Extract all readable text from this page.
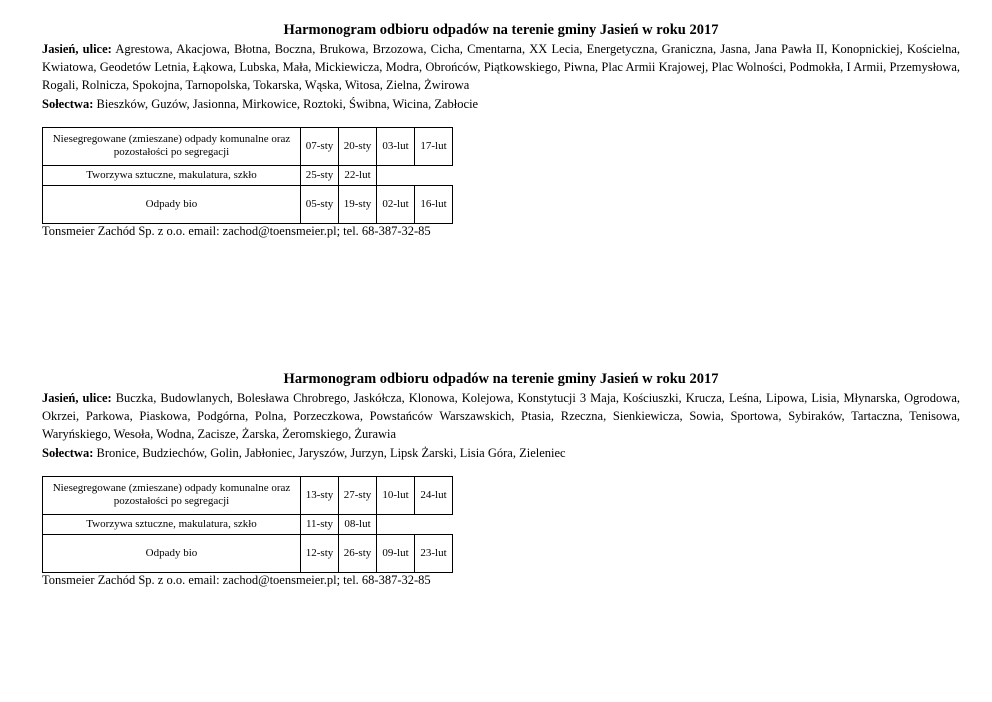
Harmonogram odbioru odpadów na terenie gminy Jasień w roku 2017

Jasień, ulice: Agrestowa, Akacjowa, Błotna, Boczna, Brukowa, Brzozowa, Cicha, Cmentarna, XX Lecia, Energetyczna, Graniczna, Jasna, Jana Pawła II, Konopnickiej, Kościelna, Kwiatowa, Geodetów Letnia, Łąkowa, Lubska, Mała, Mickiewicza, Modra, Obrońców, Piątkowskiego, Piwna, Plac Armii Krajowej, Plac Wolności, Podmokła, I Armii, Przemysłowa, Rogali, Rolnicza, Spokojna, Tarnopolska, Tokarska, Wąska, Witosa, Zielna, Żwirowa

Sołectwa: Bieszków, Guzów, Jasionna, Mirkowice, Roztoki, Świbna, Wicina, Zabłocie

Niesegregowane (zmieszane) odpady komunalne oraz pozostałości po segregacji	07-sty	20-sty	03-lut	17-lut
Tworzywa sztuczne, makulatura, szkło	25-sty	22-lut		
Odpady bio	05-sty	19-sty	02-lut	16-lut

Tonsmeier Zachód Sp. z o.o. email: zachod@toensmeier.pl; tel. 68-387-32-85

Harmonogram odbioru odpadów na terenie gminy Jasień w roku 2017

Jasień, ulice: Buczka, Budowlanych, Bolesława Chrobrego, Jaskółcza, Klonowa, Kolejowa, Konstytucji 3 Maja, Kościuszki, Krucza, Leśna, Lipowa, Lisia, Młynarska, Ogrodowa, Okrzei, Parkowa, Piaskowa, Podgórna, Polna, Porzeczkowa, Powstańców Warszawskich, Ptasia, Rzeczna, Sienkiewicza, Sowia, Sportowa, Sybiraków, Tartaczna, Tenisowa, Waryńskiego, Wesoła, Wodna, Zacisze, Żarska, Żeromskiego, Żurawia

Sołectwa: Bronice, Budziechów, Golin, Jabłoniec, Jaryszów, Jurzyn, Lipsk Żarski, Lisia Góra, Zieleniec

Niesegregowane (zmieszane) odpady komunalne oraz pozostałości po segregacji	13-sty	27-sty	10-lut	24-lut
Tworzywa sztuczne, makulatura, szkło	11-sty	08-lut		
Odpady bio	12-sty	26-sty	09-lut	23-lut

Tonsmeier Zachód Sp. z o.o. email: zachod@toensmeier.pl; tel. 68-387-32-85
